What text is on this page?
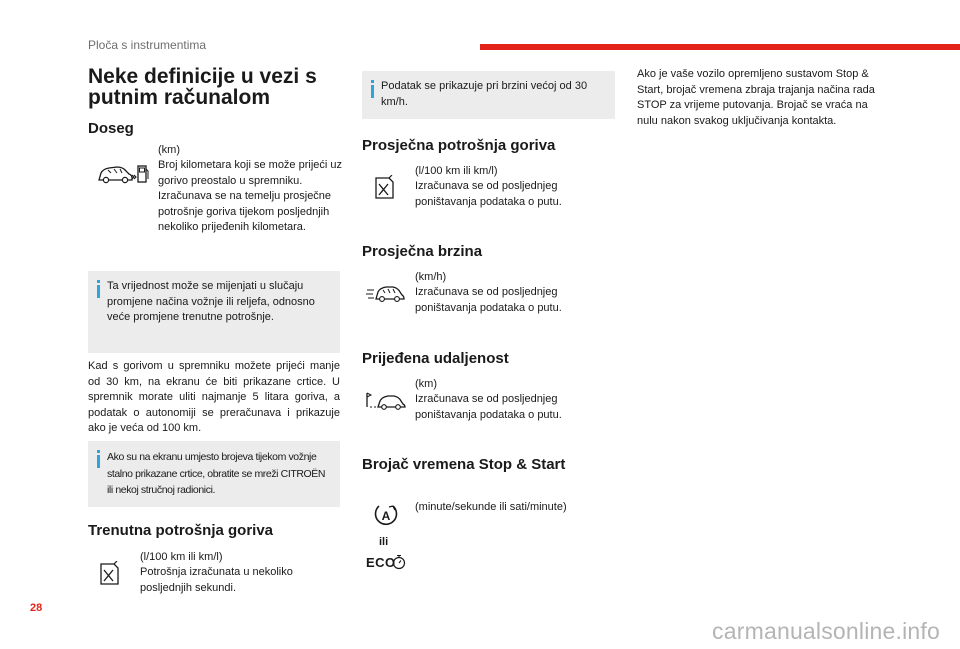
Ploča s instrumentima
Neke definicije u vezi s putnim računalom
Doseg
(km)
Broj kilometara koji se može prijeći uz gorivo preostalo u spremniku. Izračunava se na temelju prosječne potrošnje goriva tijekom posljednjih nekoliko prijeđenih kilometara.
Ta vrijednost može se mijenjati u slučaju promjene načina vožnje ili reljefa, odnosno veće promjene trenutne potrošnje.
Kad s gorivom u spremniku možete prijeći manje od 30 km, na ekranu će biti prikazane crtice. U spremnik morate uliti najmanje 5 litara goriva, a podatak o autonomiji se preračunava i prikazuje ako je veća od 100 km.
Ako su na ekranu umjesto brojeva tijekom vožnje stalno prikazane crtice, obratite se mreži CITROËN ili nekoj stručnoj radionici.
Trenutna potrošnja goriva
(l/100 km ili km/l)
Potrošnja izračunata u nekoliko posljednjih sekundi.
Podatak se prikazuje pri brzini većoj od 30 km/h.
Prosječna potrošnja goriva
(l/100 km ili km/l)
Izračunava se od posljednjeg poništavanja podataka o putu.
Prosječna brzina
(km/h)
Izračunava se od posljednjeg poništavanja podataka o putu.
Prijeđena udaljenost
(km)
Izračunava se od posljednjeg poništavanja podataka o putu.
Brojač vremena Stop & Start
(minute/sekunde ili sati/minute)
A
ili
ECO
Ako je vaše vozilo opremljeno sustavom Stop & Start, brojač vremena zbraja trajanja načina rada STOP za vrijeme putovanja. Brojač se vraća na nulu nakon svakog uključivanja kontakta.
28
carmanualsonline.info
